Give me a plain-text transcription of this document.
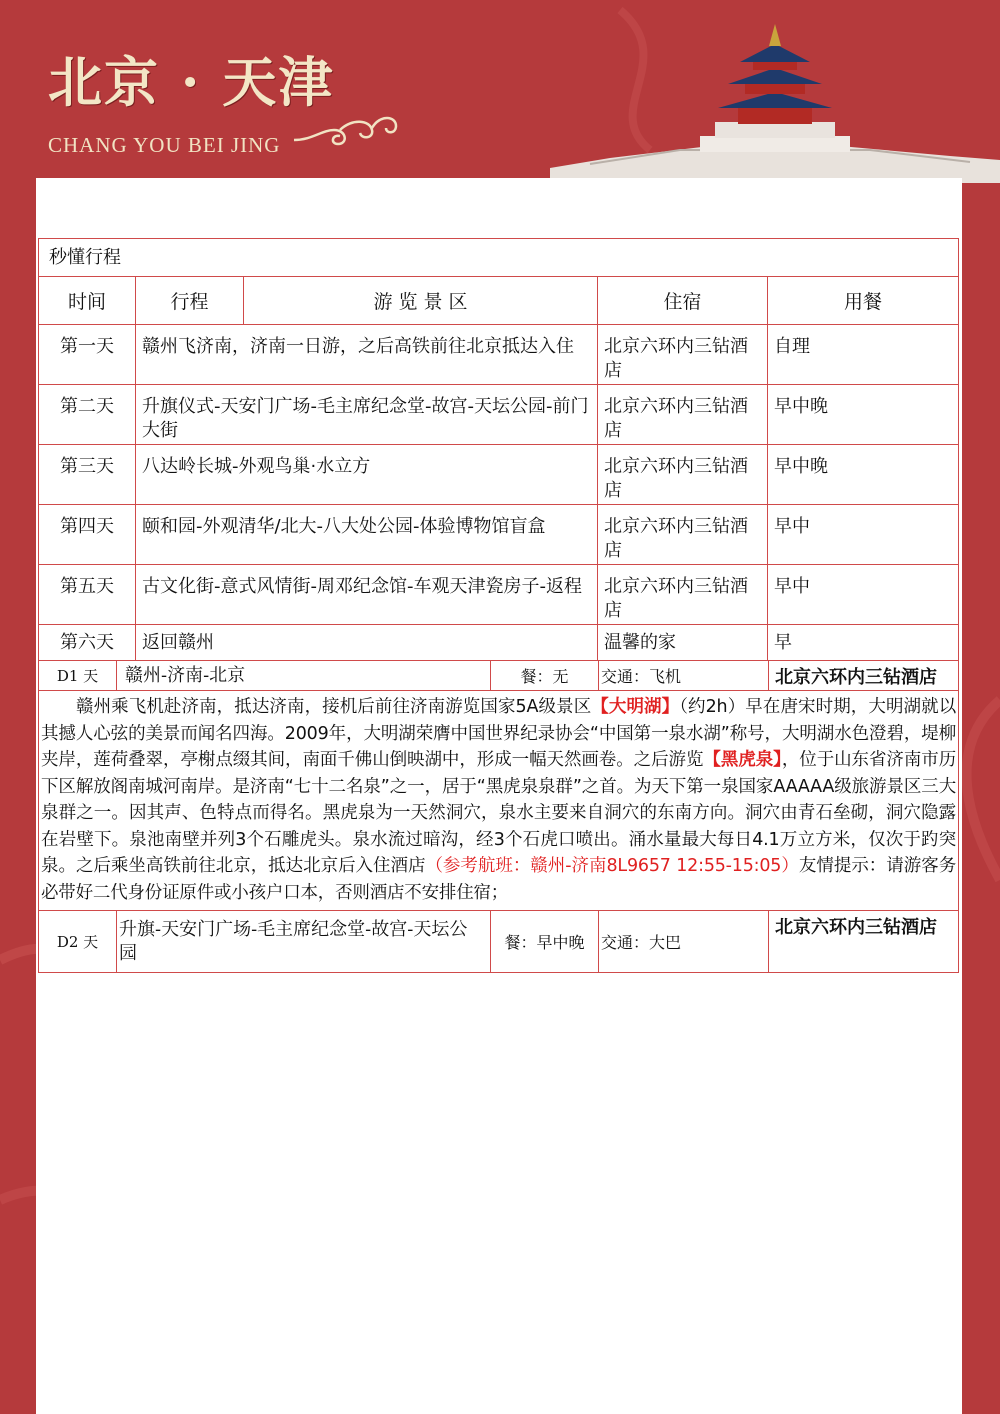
北京 · 天津
CHANG YOU BEI JING
秒懂行程				
时间	行程	游 览 景 区	住宿	用餐
第一天	赣州飞济南，济南一日游，之后高铁前往北京抵达入住		北京六环内三钻酒店	自理
第二天	升旗仪式-天安门广场-毛主席纪念堂-故宫-天坛公园-前门大街		北京六环内三钻酒店	早中晚
第三天	八达岭长城-外观鸟巢·水立方		北京六环内三钻酒店	早中晚
第四天	颐和园-外观清华/北大-八大处公园-体验博物馆盲盒		北京六环内三钻酒店	早中
第五天	古文化街-意式风情街-周邓纪念馆-车观天津瓷房子-返程		北京六环内三钻酒店	早中
第六天	返回赣州		温馨的家	早
D1 天	赣州-济南-北京	餐：无	交通：飞机	北京六环内三钻酒店
赣州乘飞机赴济南，抵达济南，接机后前往济南游览国家5A级景区【大明湖】（约2h）早在唐宋时期，大明湖就以其撼人心弦的美景而闻名四海。2009年，大明湖荣膺中国世界纪录协会“中国第一泉水湖”称号，大明湖水色澄碧，堤柳夹岸，莲荷叠翠，亭榭点缀其间，南面千佛山倒映湖中，形成一幅天然画卷。之后游览【黑虎泉】，位于山东省济南市历下区解放阁南城河南岸。是济南“七十二名泉”之一，居于“黑虎泉泉群”之首。为天下第一泉国家AAAAA级旅游景区三大泉群之一。因其声、色特点而得名。黑虎泉为一天然洞穴，泉水主要来自洞穴的东南方向。洞穴由青石垒砌，洞穴隐露在岩壁下。泉池南壁并列3个石雕虎头。泉水流过暗沟，经3个石虎口喷出。涌水量最大每日4.1万立方米，仅次于趵突泉。之后乘坐高铁前往北京，抵达北京后入住酒店（参考航班：赣州-济南8L9657 12:55-15:05）友情提示：请游客务必带好二代身份证原件或小孩户口本，否则酒店不安排住宿；				
D2 天	升旗-天安门广场-毛主席纪念堂-故宫-天坛公园	餐：早中晚	交通：大巴	北京六环内三钻酒店
